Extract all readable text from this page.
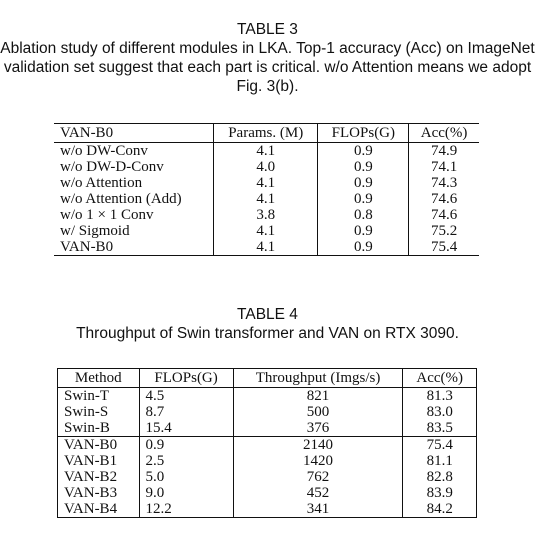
TABLE 3
Ablation study of different modules in LKA. Top-1 accuracy (Acc) on ImageNet validation set suggest that each part is critical. w/o Attention means we adopt Fig. 3(b).
VAN-B0	Params. (M)	FLOPs(G)	Acc(%)
w/o DW-Conv	4.1	0.9	74.9
w/o DW-D-Conv	4.0	0.9	74.1
w/o Attention	4.1	0.9	74.3
w/o Attention (Add)	4.1	0.9	74.6
w/o 1 × 1 Conv	3.8	0.8	74.6
w/ Sigmoid	4.1	0.9	75.2
VAN-B0	4.1	0.9	75.4
TABLE 4
Throughput of Swin transformer and VAN on RTX 3090.
Method	FLOPs(G)	Throughput (Imgs/s)	Acc(%)
Swin-T	4.5	821	81.3
Swin-S	8.7	500	83.0
Swin-B	15.4	376	83.5
VAN-B0	0.9	2140	75.4
VAN-B1	2.5	1420	81.1
VAN-B2	5.0	762	82.8
VAN-B3	9.0	452	83.9
VAN-B4	12.2	341	84.2
